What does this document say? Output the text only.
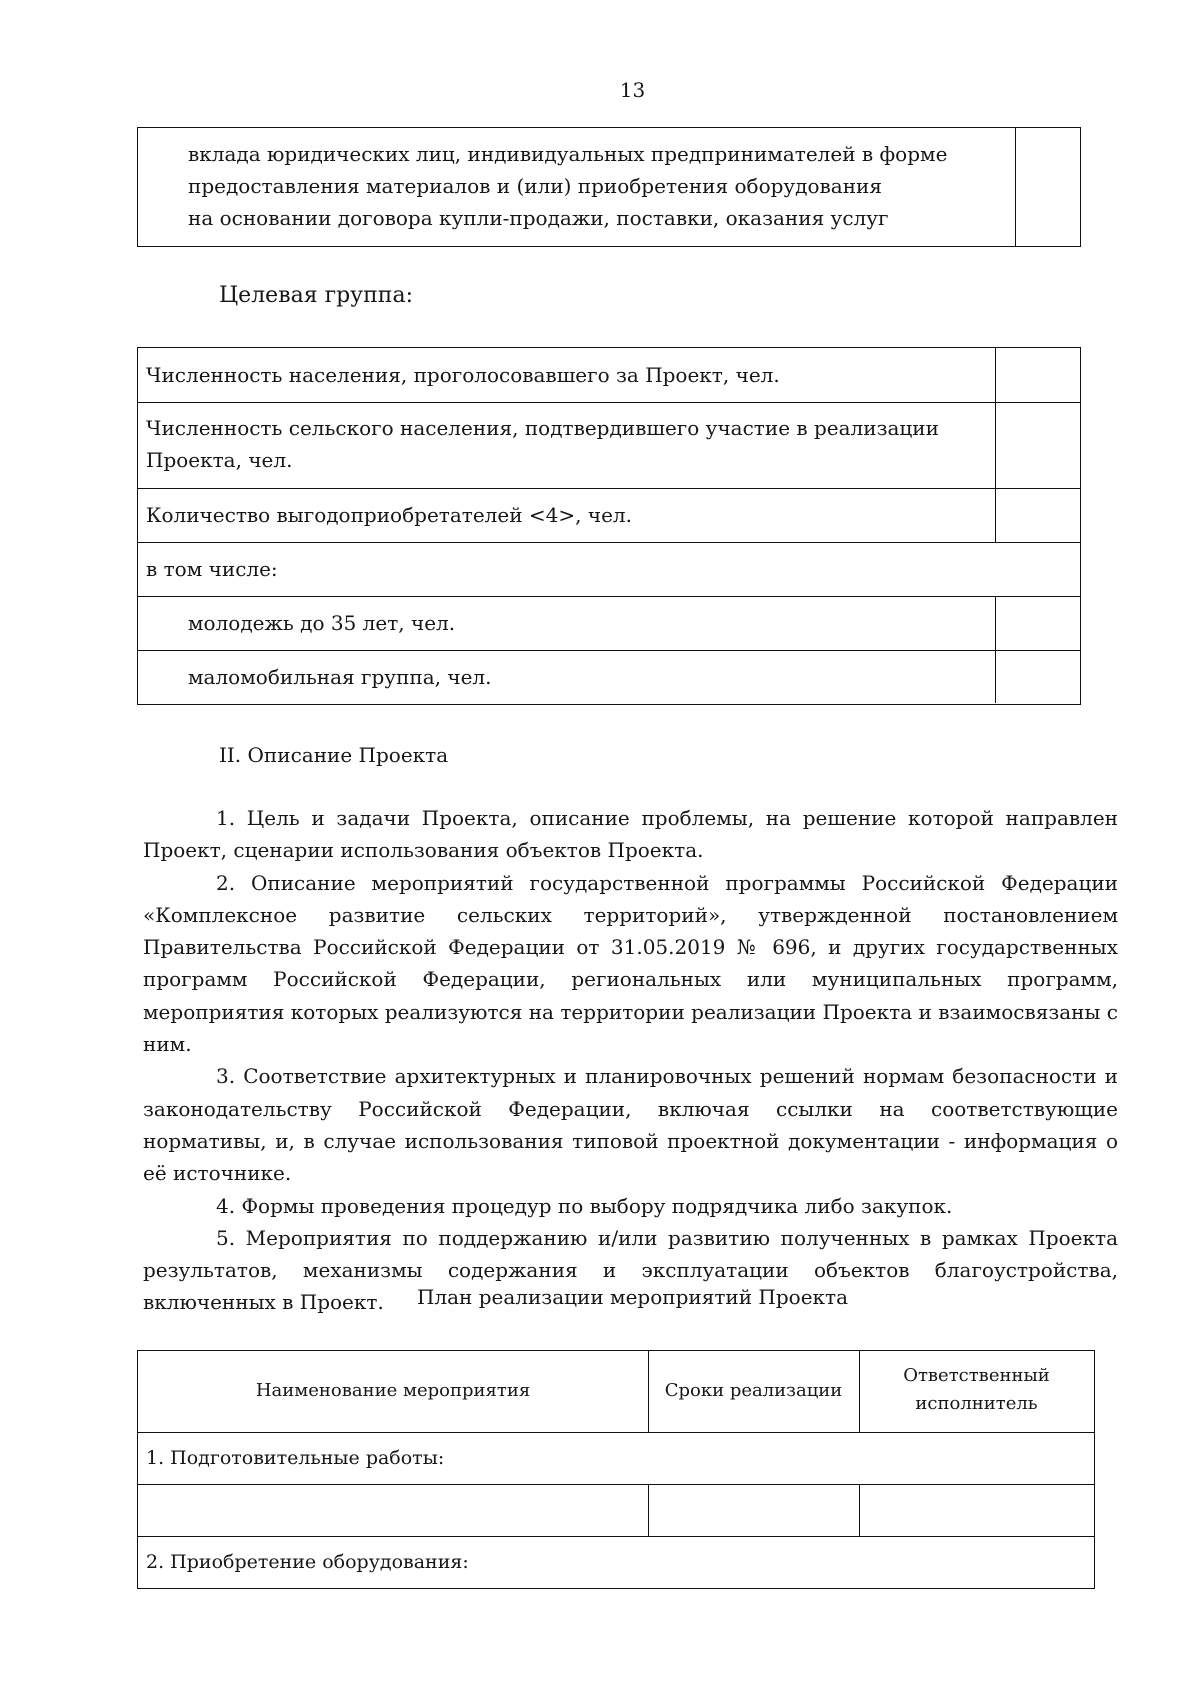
13
вклада юридических лиц, индивидуальных предпринимателей в форме
предоставления материалов и (или) приобретения оборудования
на основании договора купли-продажи, поставки, оказания услуг
Целевая группа:
Численность населения, проголосовавшего за Проект, чел.
Численность сельского населения, подтвердившего участие в реализации
Проекта, чел.
Количество выгодоприобретателей <4>, чел.
в том числе:
молодежь до 35 лет, чел.
маломобильная группа, чел.
II. Описание Проекта

1. Цель и задачи Проекта, описание проблемы, на решение которой направлен Проект, сценарии использования объектов Проекта.

2. Описание мероприятий государственной программы Российской Федерации «Комплексное развитие сельских территорий», утвержденной постановлением Правительства Российской Федерации от 31.05.2019 № 696, и других государственных программ Российской Федерации, региональных или муниципальных программ, мероприятия которых реализуются на территории реализации Проекта и взаимосвязаны с ним.

3. Соответствие архитектурных и планировочных решений нормам безопасности и законодательству Российской Федерации, включая ссылки на соответствующие нормативы, и, в случае использования типовой проектной документации - информация о её источнике.

4. Формы проведения процедур по выбору подрядчика либо закупок.

5. Мероприятия по поддержанию и/или развитию полученных в рамках Проекта результатов, механизмы содержания и эксплуатации объектов благоустройства, включенных в Проект.	План реализации мероприятий Проекта
Наименование мероприятия	Сроки реализации
Ответственный
исполнитель
1. Подготовительные работы:
2. Приобретение оборудования:
